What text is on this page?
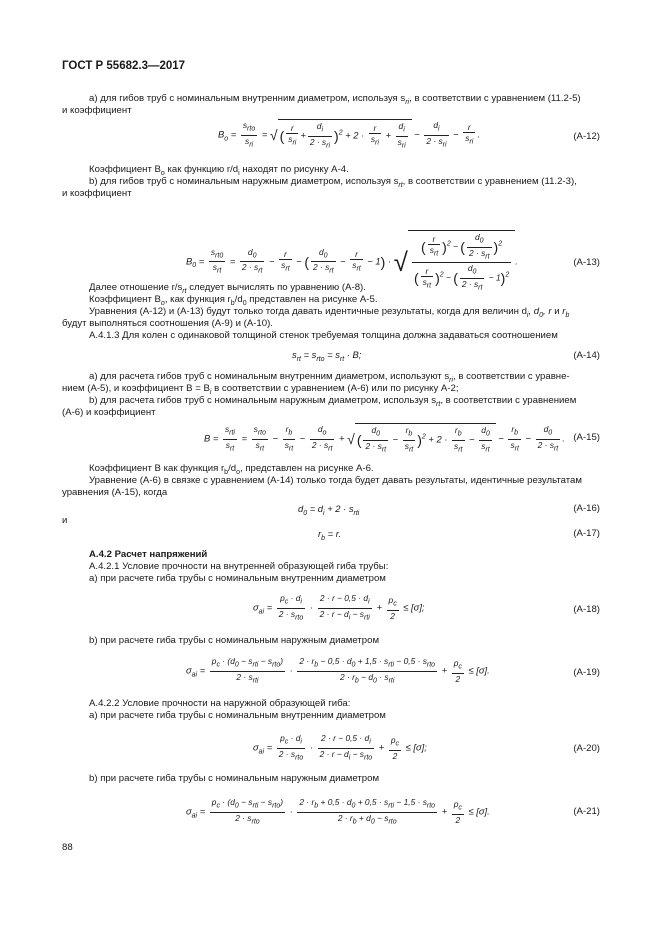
ГОСТ Р 55682.3—2017
а) для гибов труб с номинальным внутренним диаметром, используя $s_{ri}$, в соответствии с уравнением (11.2-5)
и коэффициент
$B_o = \frac{s_{rto}}{s_{ri}}$ = √ ( $\frac{r}{s_{ri}} + \frac{d_i}{2 \cdot s_{ri}} )^2 + 2 \cdot \frac{r}{s_{ri}} + \frac{d_i}{s_{ri}} - \frac{d_i}{2 \cdot s_{ri}} - \frac{r}{s_{ri}}$ .	(А-12)
Коэффициент $B_o$ как функцию $r/d_i$ находят по рисунку А-4.
b) для гибов труб с номинальным наружным диаметром, используя $s_{rt}$, в соответствии с уравнением (11.2-3),
и коэффициент
$B_0 = \frac{s_{rt0}}{s_{rt}} = \frac{d_0}{2 \cdot s_{rt}} - \frac{r}{s_{rt}}$ − ( $\frac{d_0}{2 \cdot s_{rt}} - \frac{r}{s_{rt}} - 1$) · √ $\frac{( \frac{r}{s_{rt}} )^2 - ( \frac{d_0}{2 \cdot s_{rt}} )^2}{( \frac{r}{s_{rt}} )^2 - ( \frac{d_0}{2 \cdot s_{rt}} - 1)^2}$ .	(А-13)
Далее отношение $r/s_{rt}$ следует вычислять по уравнению (А-8).
Коэффициент $B_o$, как функция $r_b/d_0$ представлен на рисунке А-5.
Уравнения (А-12) и (А-13) будут только тогда давать идентичные результаты, когда для величин $d_i$, $d_0$, r и $r_b$
будут выполняться соотношения (А-9) и (А-10).
А.4.1.3 Для колен с одинаковой толщиной стенок требуемая толщина должна задаваться соотношением
$s_{rt} = s_{rto} = s_{rt} \cdot B$;	(А-14)
а) для расчета гибов труб с номинальным внутренним диаметром, используют $s_{ri}$, в соответствии с уравне-
нием (А-5), и коэффициент $B = B_i$ в соответствии с уравнением (А-6) или по рисунку А-2;
b) для расчета гибов труб с номинальным наружным диаметром, используя $s_{rt}$, в соответствии с уравнением
(А-6) и коэффициент
$B = \frac{s_{rti}}{s_{rt}} = \frac{s_{rto}}{s_{rt}} - \frac{r_b}{s_{rt}} - \frac{d_o}{2 \cdot s_{rt}}$ + √ ( $\frac{d_0}{2 \cdot s_{rt}} - \frac{r_b}{s_{rt}} )^2 + 2 \cdot \frac{r_b}{s_{rt}} - \frac{d_0}{s_{rt}} - \frac{r_b}{s_{rt}} - \frac{d_0}{2 \cdot s_{rt}}$ . (А-15)
Коэффициент B как функция $r_b/d_o$, представлен на рисунке А-6.
Уравнение (А-6) в связке с уравнением (А-14) только тогда будет давать результаты, идентичные результатам
уравнения (А-15), когда
$d_0 = d_i + 2 \cdot s_{rti}$	(А-16)
и
$r_b = r$.	(А-17)
А.4.2 Расчет напряжений
А.4.2.1 Условие прочности на внутренней образующей гиба трубы:
а) при расчете гиба трубы с номинальным внутренним диаметром
$\sigma_{ai} = \frac{p_c \cdot d_i}{2 \cdot s_{rto}} \cdot \frac{2 \cdot r - 0,5 \cdot d_i}{2 \cdot r - d_i - s_{rti}} + \frac{p_c}{2} \le [\sigma]$;	(А-18)
b) при расчете гиба трубы с номинальным наружным диаметром
$\sigma_{ai} = \frac{p_c \cdot (d_0 - s_{rti} - s_{rto})}{2 \cdot s_{rti}} \cdot \frac{2 \cdot r_b - 0,5 \cdot d_0 + 1,5 \cdot s_{rti} - 0,5 \cdot s_{rto}}{2 \cdot r_b - d_0 \cdot s_{rti}} + \frac{p_c}{2} \le [\sigma]$.	(А-19)
А.4.2.2 Условие прочности на наружной образующей гиба:
а) при расчете гиба трубы с номинальным внутренним диаметром
$\sigma_{ai} = \frac{p_c \cdot d_i}{2 \cdot s_{rto}} \cdot \frac{2 \cdot r - 0,5 \cdot d_i}{2 \cdot r - d_i - s_{rto}} + \frac{p_c}{2} \le [\sigma]$;	(А-20)
b) при расчете гиба трубы с номинальным наружным диаметром
$\sigma_{ai} = \frac{p_c \cdot (d_0 - s_{rti} - s_{rto})}{2 \cdot s_{rto}} \cdot \frac{2 \cdot r_b + 0,5 \cdot d_0 + 0,5 \cdot s_{rti} - 1,5 \cdot s_{rto}}{2 \cdot r_b + d_0 - s_{rto}} + \frac{p_c}{2} \le [\sigma]$.	(А-21)
88
